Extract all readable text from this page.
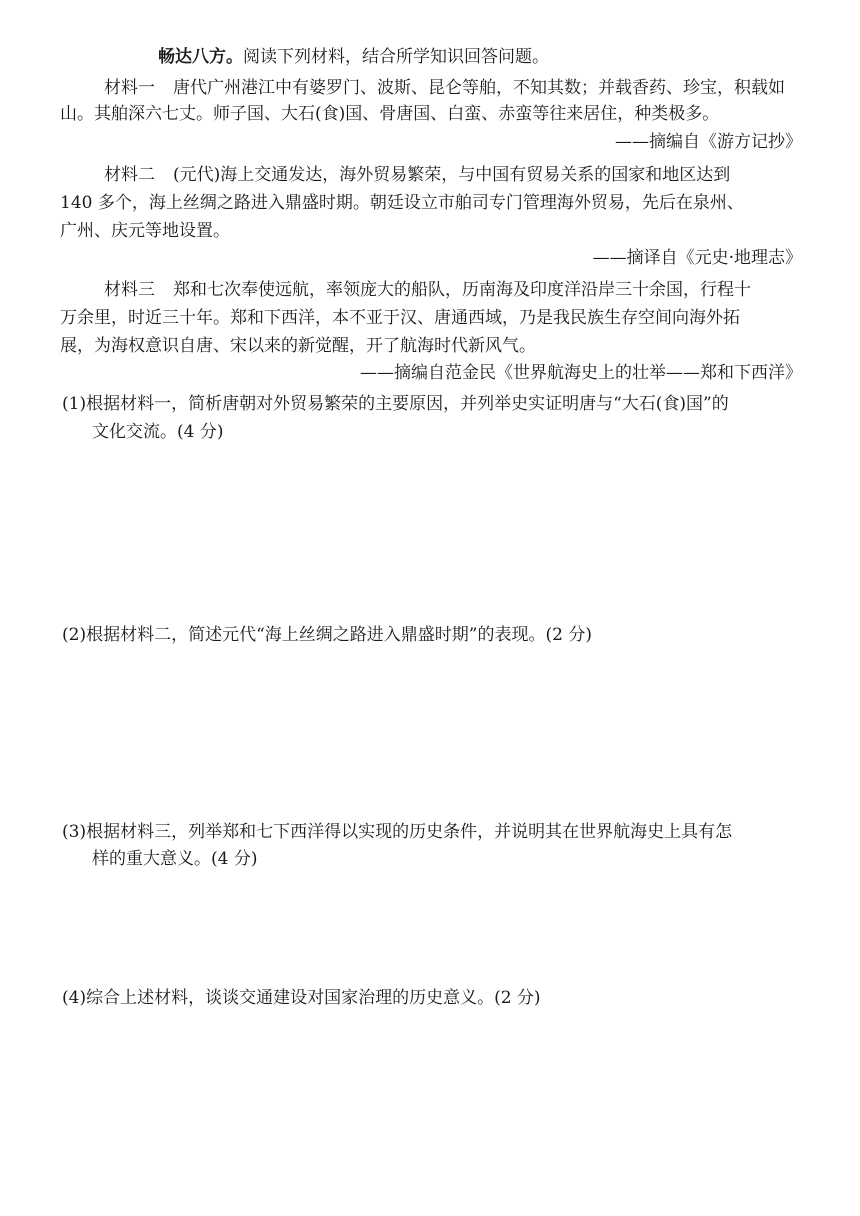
畅达八方。阅读下列材料，结合所学知识回答问题。
材料一 唐代广州港江中有婆罗门、波斯、昆仑等舶，不知其数；并载香药、珍宝，积载如
山。其舶深六七丈。师子国、大石(食)国、骨唐国、白蛮、赤蛮等往来居住，种类极多。
——摘编自《游方记抄》
材料二 (元代)海上交通发达，海外贸易繁荣，与中国有贸易关系的国家和地区达到
140 多个，海上丝绸之路进入鼎盛时期。朝廷设立市舶司专门管理海外贸易，先后在泉州、
广州、庆元等地设置。
——摘译自《元史·地理志》
材料三 郑和七次奉使远航，率领庞大的船队，历南海及印度洋沿岸三十余国，行程十
万余里，时近三十年。郑和下西洋，本不亚于汉、唐通西域，乃是我民族生存空间向海外拓
展，为海权意识自唐、宋以来的新觉醒，开了航海时代新风气。
——摘编自范金民《世界航海史上的壮举——郑和下西洋》
(1)根据材料一，简析唐朝对外贸易繁荣的主要原因，并列举史实证明唐与“大石(食)国”的
文化交流。(4 分)
(2)根据材料二，简述元代“海上丝绸之路进入鼎盛时期”的表现。(2 分)
(3)根据材料三，列举郑和七下西洋得以实现的历史条件，并说明其在世界航海史上具有怎
样的重大意义。(4 分)
(4)综合上述材料，谈谈交通建设对国家治理的历史意义。(2 分)
